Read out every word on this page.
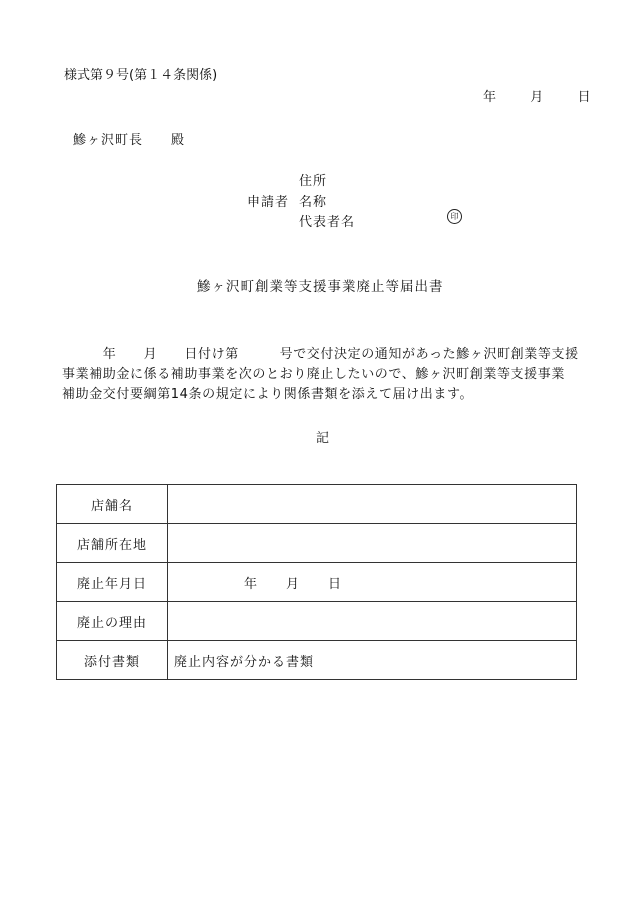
様式第９号(第１４条関係)
年	月	日
鰺ヶ沢町長　　殿
住所
申請者 名称
代表者名	印
鰺ヶ沢町創業等支援事業廃止等届出書
　　　年　　月　　日付け第　　　号で交付決定の通知があった鰺ヶ沢町創業等支援
事業補助金に係る補助事業を次のとおり廃止したいので、鰺ヶ沢町創業等支援事業
補助金交付要綱第14条の規定により関係書類を添えて届け出ます。
記
店舗名	
店舗所在地	
廃止年月日	　　　　　年　　月　　日
廃止の理由	
添付書類	廃止内容が分かる書類
